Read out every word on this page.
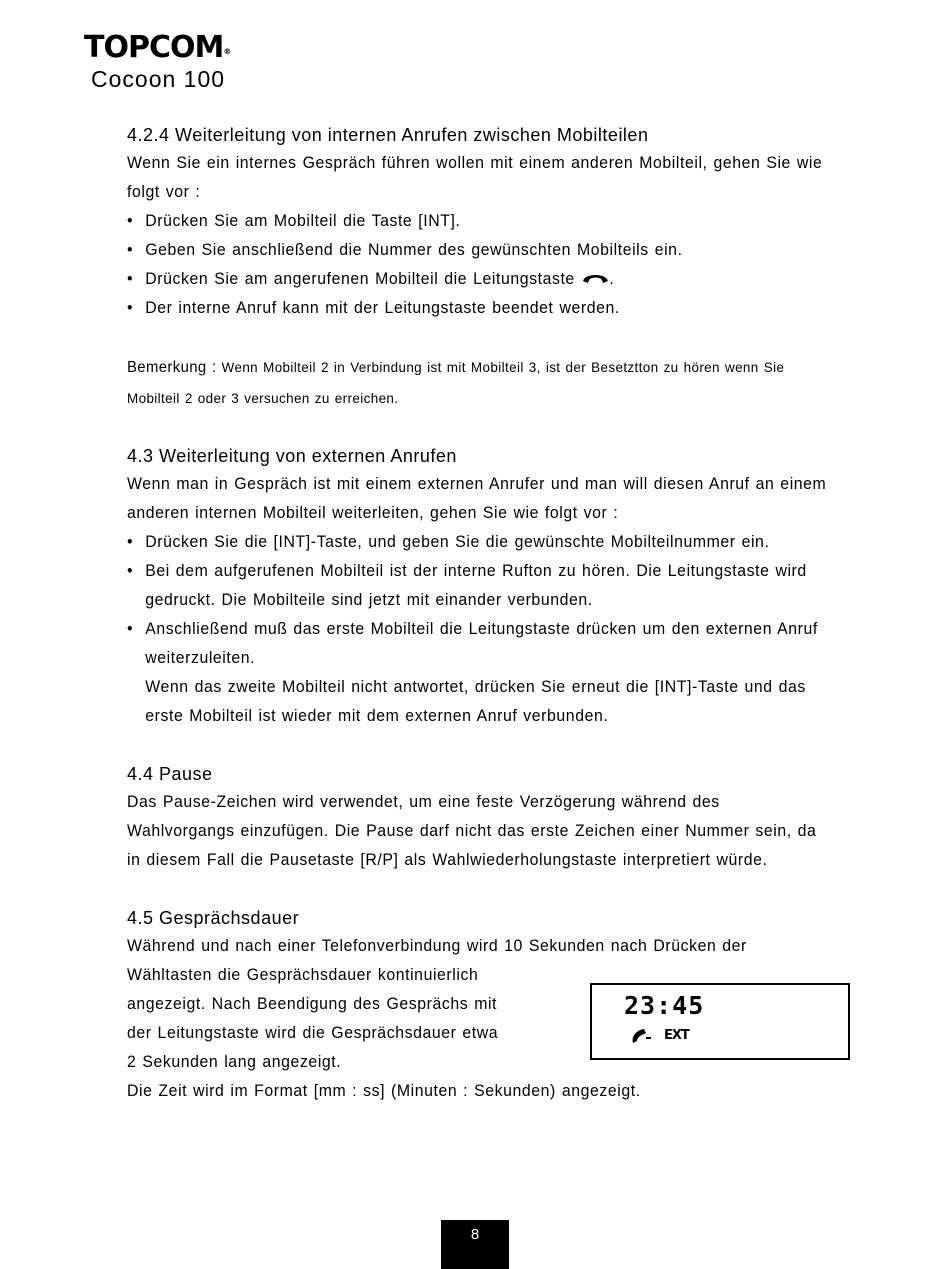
TOPCOM®
Cocoon 100

4.2.4 Weiterleitung von internen Anrufen zwischen Mobilteilen

Wenn Sie ein internes Gespräch führen wollen mit einem anderen Mobilteil, gehen Sie wie folgt vor :

• Drücken Sie am Mobilteil die Taste [INT].

• Geben Sie anschließend die Nummer des gewünschten Mobilteils ein.

• Drücken Sie am angerufenen Mobilteil die Leitungstaste .

• Der interne Anruf kann mit der Leitungstaste beendet werden.

Bemerkung : Wenn Mobilteil 2 in Verbindung ist mit Mobilteil 3, ist der Besetztton zu hören wenn Sie Mobilteil 2 oder 3 versuchen zu erreichen.

4.3 Weiterleitung von externen Anrufen

Wenn man in Gespräch ist mit einem externen Anrufer und man will diesen Anruf an einem anderen internen Mobilteil weiterleiten, gehen Sie wie folgt vor :

• Drücken Sie die [INT]-Taste, und geben Sie die gewünschte Mobilteilnummer ein.

• Bei dem aufgerufenen Mobilteil ist der interne Rufton zu hören. Die Leitungstaste wird gedruckt. Die Mobilteile sind jetzt mit einander verbunden.

• Anschließend muß das erste Mobilteil die Leitungstaste drücken um den externen Anruf weiterzuleiten.

Wenn das zweite Mobilteil nicht antwortet, drücken Sie erneut die [INT]-Taste und das erste Mobilteil ist wieder mit dem externen Anruf verbunden.

4.4 Pause

Das Pause-Zeichen wird verwendet, um eine feste Verzögerung während des Wahlvorgangs einzufügen. Die Pause darf nicht das erste Zeichen einer Nummer sein, da in diesem Fall die Pausetaste [R/P] als Wahlwiederholungstaste interpretiert würde.

4.5 Gesprächsdauer

Während und nach einer Telefonverbindung wird 10 Sekunden nach Drücken der

Wähltasten die Gesprächsdauer kontinuierlich

angezeigt. Nach Beendigung des Gesprächs mit

der Leitungstaste wird die Gesprächsdauer etwa

2 Sekunden lang angezeigt.

Die Zeit wird im Format [mm : ss] (Minuten : Sekunden) angezeigt.

23:45
EXT
8
